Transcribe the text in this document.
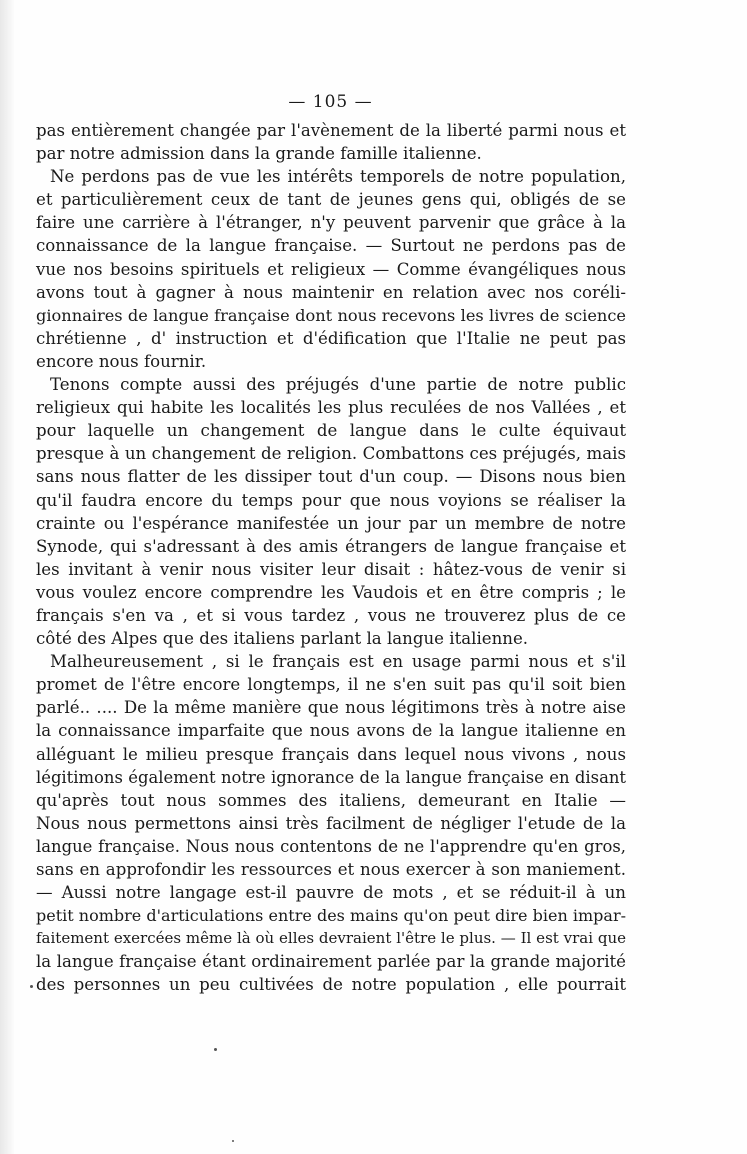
— 105 —
pas entièrement changée par l'avènement de la liberté parmi nous et
par notre admission dans la grande famille italienne.
Ne perdons pas de vue les intérêts temporels de notre population,
et particulièrement ceux de tant de jeunes gens qui, obligés de se
faire une carrière à l'étranger, n'y peuvent parvenir que grâce à la
connaissance de la langue française. — Surtout ne perdons pas de
vue nos besoins spirituels et religieux — Comme évangéliques nous
avons tout à gagner à nous maintenir en relation avec nos coréli-
gionnaires de langue française dont nous recevons les livres de science
chrétienne , d' instruction et d'édification que l'Italie ne peut pas
encore nous fournir.
Tenons compte aussi des préjugés d'une partie de notre public
religieux qui habite les localités les plus reculées de nos Vallées , et
pour laquelle un changement de langue dans le culte équivaut
presque à un changement de religion. Combattons ces préjugés, mais
sans nous flatter de les dissiper tout d'un coup. — Disons nous bien
qu'il faudra encore du temps pour que nous voyions se réaliser la
crainte ou l'espérance manifestée un jour par un membre de notre
Synode, qui s'adressant à des amis étrangers de langue française et
les invitant à venir nous visiter leur disait : hâtez-vous de venir si
vous voulez encore comprendre les Vaudois et en être compris ; le
français s'en va , et si vous tardez , vous ne trouverez plus de ce
côté des Alpes que des italiens parlant la langue italienne.
Malheureusement , si le français est en usage parmi nous et s'il
promet de l'être encore longtemps, il ne s'en suit pas qu'il soit bien
parlé.. .... De la même manière que nous légitimons très à notre aise
la connaissance imparfaite que nous avons de la langue italienne en
alléguant le milieu presque français dans lequel nous vivons , nous
légitimons également notre ignorance de la langue française en disant
qu'après tout nous sommes des italiens, demeurant en Italie —
Nous nous permettons ainsi très facilment de négliger l'etude de la
langue française. Nous nous contentons de ne l'apprendre qu'en gros,
sans en approfondir les ressources et nous exercer à son maniement.
— Aussi notre langage est-il pauvre de mots , et se réduit-il à un
petit nombre d'articulations entre des mains qu'on peut dire bien impar-
faitement exercées même là où elles devraient l'être le plus. — Il est vrai que
la langue française étant ordinairement parlée par la grande majorité
des personnes un peu cultivées de notre population , elle pourrait
